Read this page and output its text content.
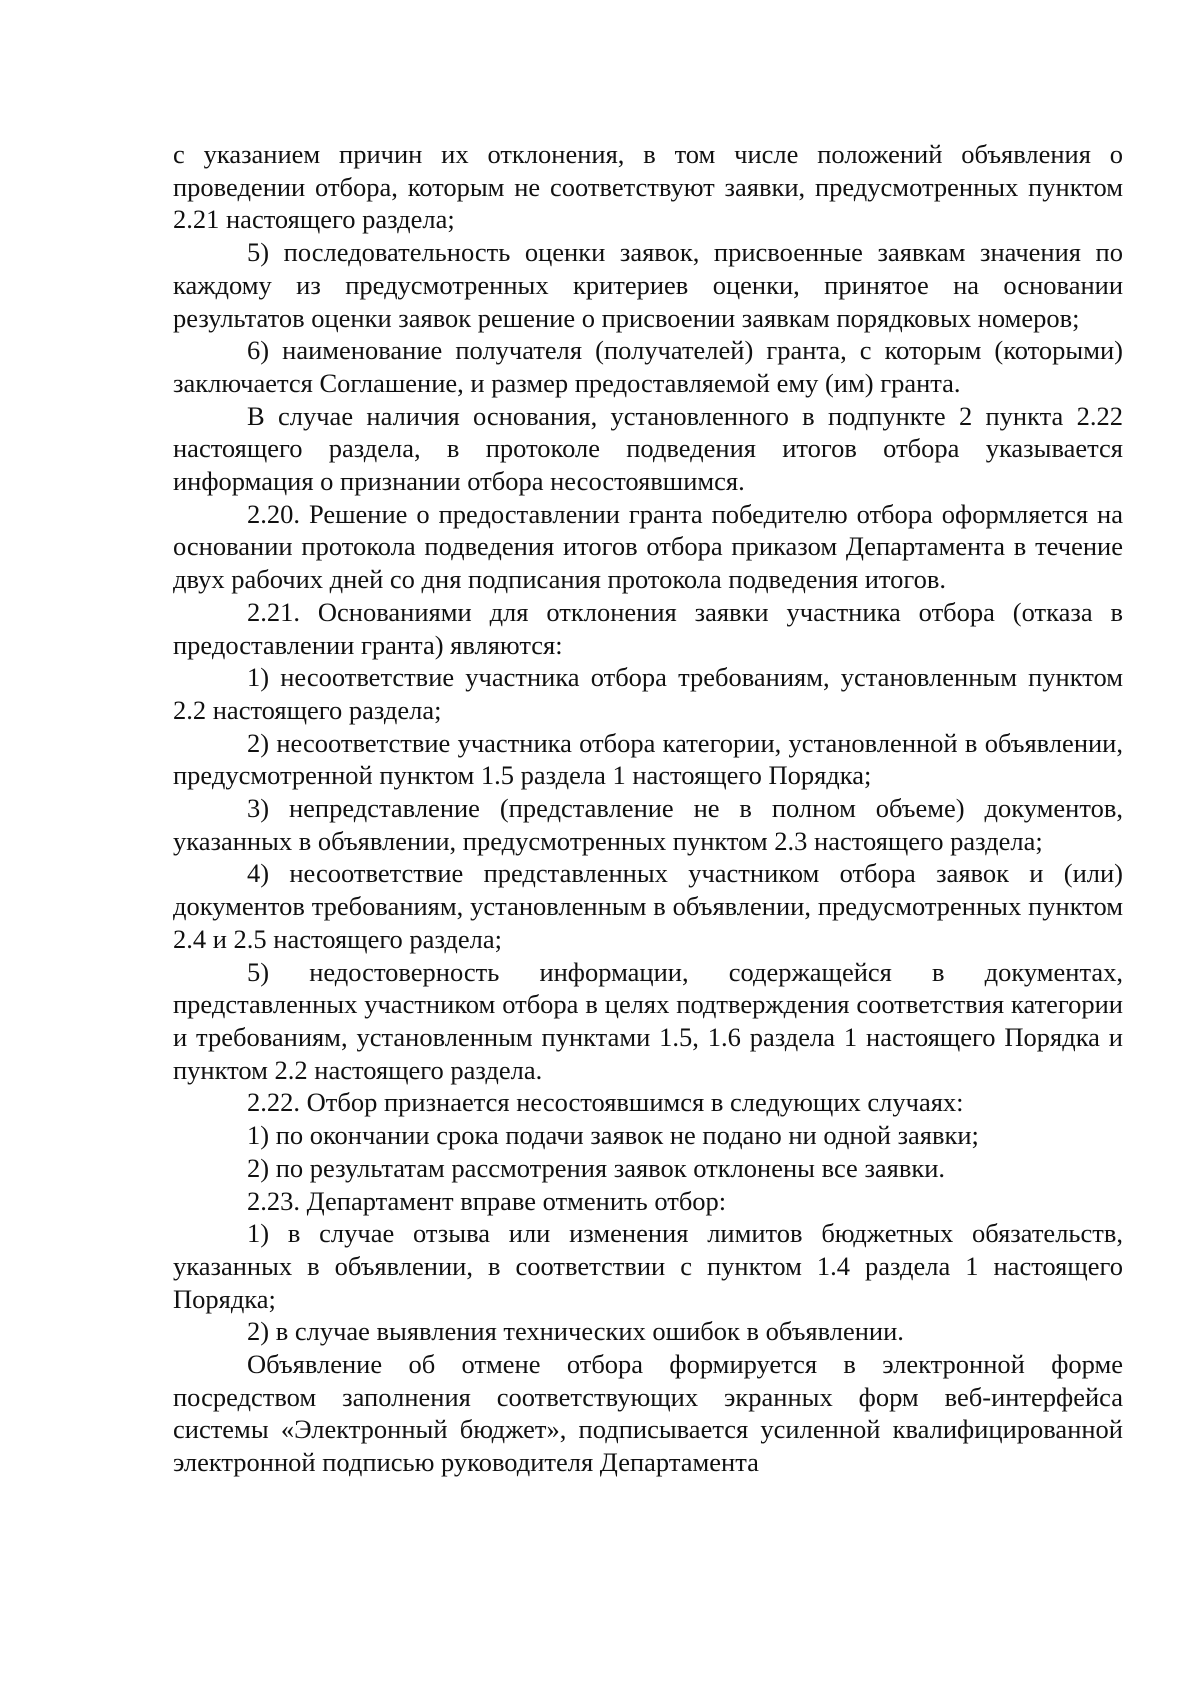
с указанием причин их отклонения, в том числе положений объявления о проведении отбора, которым не соответствуют заявки, предусмотренных пунктом 2.21 настоящего раздела;

5) последовательность оценки заявок, присвоенные заявкам значения по каждому из предусмотренных критериев оценки, принятое на основании результатов оценки заявок решение о присвоении заявкам порядковых номеров;

6) наименование получателя (получателей) гранта, с которым (которыми) заключается Соглашение, и размер предоставляемой ему (им) гранта.

В случае наличия основания, установленного в подпункте 2 пункта 2.22 настоящего раздела, в протоколе подведения итогов отбора указывается информация о признании отбора несостоявшимся.

2.20. Решение о предоставлении гранта победителю отбора оформляется на основании протокола подведения итогов отбора приказом Департамента в течение двух рабочих дней со дня подписания протокола подведения итогов.

2.21. Основаниями для отклонения заявки участника отбора (отказа в предоставлении гранта) являются:

1) несоответствие участника отбора требованиям, установленным пунктом 2.2 настоящего раздела;

2) несоответствие участника отбора категории, установленной в объявлении, предусмотренной пунктом 1.5 раздела 1 настоящего Порядка;

3) непредставление (представление не в полном объеме) документов, указанных в объявлении, предусмотренных пунктом 2.3 настоящего раздела;

4) несоответствие представленных участником отбора заявок и (или) документов требованиям, установленным в объявлении, предусмотренных пунктом 2.4 и 2.5 настоящего раздела;

5) недостоверность информации, содержащейся в документах, представленных участником отбора в целях подтверждения соответствия категории и требованиям, установленным пунктами 1.5, 1.6 раздела 1 настоящего Порядка и пунктом 2.2 настоящего раздела.

2.22. Отбор признается несостоявшимся в следующих случаях:

1) по окончании срока подачи заявок не подано ни одной заявки;

2) по результатам рассмотрения заявок отклонены все заявки.

2.23. Департамент вправе отменить отбор:

1) в случае отзыва или изменения лимитов бюджетных обязательств, указанных в объявлении, в соответствии с пунктом 1.4 раздела 1 настоящего Порядка;

2) в случае выявления технических ошибок в объявлении.

Объявление об отмене отбора формируется в электронной форме посредством заполнения соответствующих экранных форм веб-интерфейса системы «Электронный бюджет», подписывается усиленной квалифицированной электронной подписью руководителя Департамента
